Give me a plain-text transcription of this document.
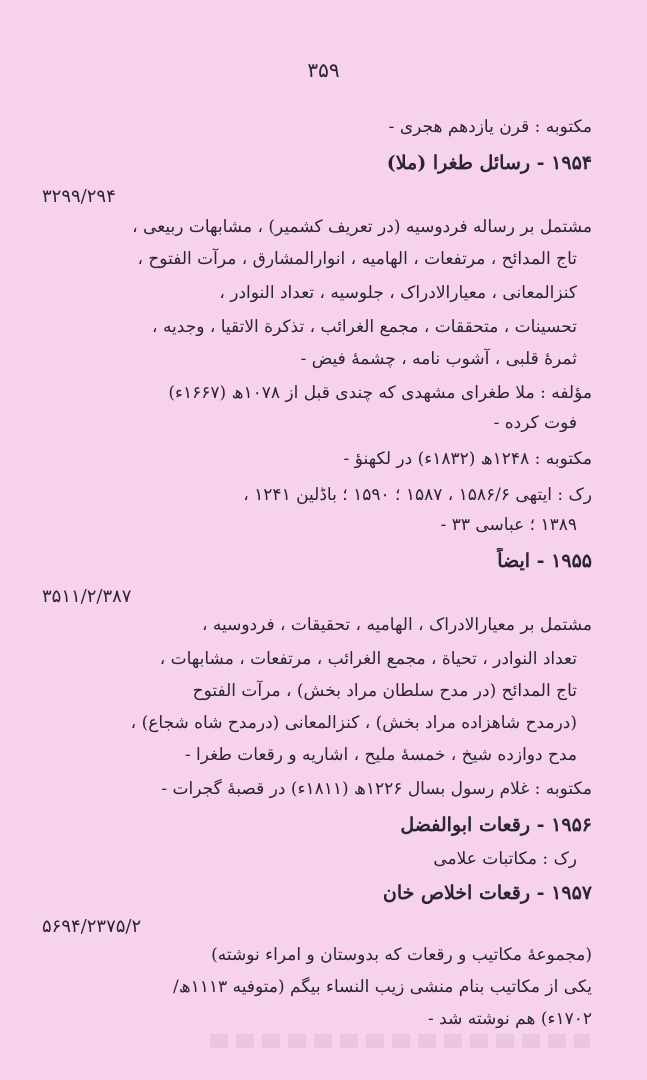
۳۵۹
مکتوبه : قرن یازدهم هجری -
۱۹۵۴ - رسائل طغرا (ملا)
۳۲۹۹/۲۹۴
مشتمل بر رساله فردوسیه (در تعریف کشمیر) ، مشابهات ربیعی ،
تاج المدائح ، مرتفعات ، الهامیه ، انوارالمشارق ، مرآت الفتوح ،
کنزالمعانی ، معیارالادراک ، جلوسیه ، تعداد النوادر ،
تحسینات ، متحققات ، مجمع الغرائب ، تذکرة الاتقیا ، وجدیه ،
ثمرهٔ قلبی ، آشوب نامه ، چشمهٔ فیض -
مؤلفه : ملا طغرای مشهدی که چندی قبل از ۱۰۷۸ھ (۱۶۶۷ء)
فوت کرده -
مکتوبه : ۱۲۴۸ھ (۱۸۳۲ء) در لکهنؤ -
رک : ایتهی ۱۵۸۶/۶ ، ۱۵۸۷ ؛ ۱۵۹۰ ؛ باڈلین ۱۲۴۱ ،
۱۳۸۹ ؛ عباسی ۳۳ -
۱۹۵۵ - ایضاً
۳۵۱۱/۲/۳۸۷
مشتمل بر معیارالادراک ، الهامیه ، تحقیقات ، فردوسیه ،
تعداد النوادر ، تحیاة ، مجمع الغرائب ، مرتفعات ، مشابهات ،
تاج المدائح (در مدح سلطان مراد بخش) ، مرآت الفتوح
(درمدح شاهزاده مراد بخش) ، کنزالمعانی (درمدح شاه شجاع) ،
مدح دوازده شیخ ، خمسهٔ ملیح ، اشاریه و رقعات طغرا -
مکتوبه : غلام رسول بسال ۱۲۲۶ھ (۱۸۱۱ء) در قصبهٔ گجرات -
۱۹۵۶ - رقعات ابوالفضل
رک : مکاتبات علامی
۱۹۵۷ - رقعات اخلاص خان
۵۶۹۴/۲۳۷۵/۲
(مجموعهٔ مکاتیب و رقعات که بدوستان و امراء نوشته)
یکی از مکاتیب بنام منشی زیب النساء بیگم (متوفیه ۱۱۱۳ھ/
۱۷۰۲ء) هم نوشته شد -
